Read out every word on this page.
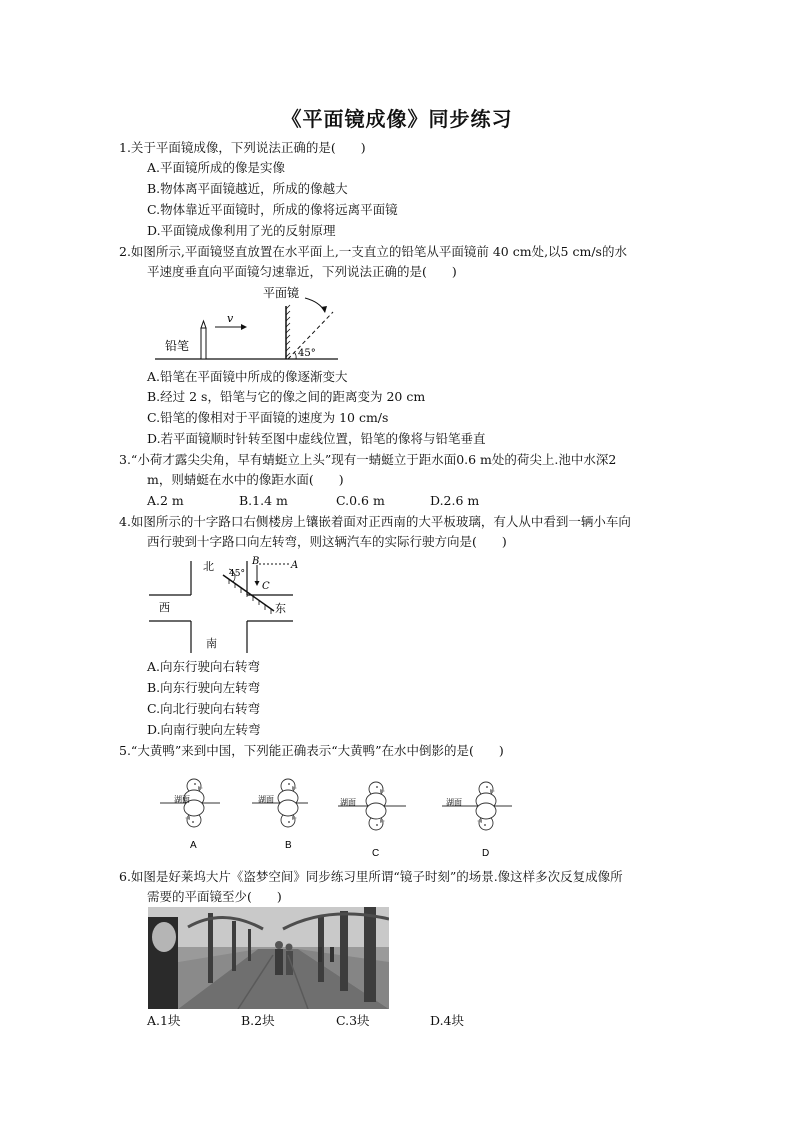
《平面镜成像》同步练习
1.关于平面镜成像，下列说法正确的是(　　)
A.平面镜所成的像是实像
B.物体离平面镜越近，所成的像越大
C.物体靠近平面镜时，所成的像将远离平面镜
D.平面镜成像利用了光的反射原理
2.如图所示,平面镜竖直放置在水平面上,一支直立的铅笔从平面镜前 40 cm处,以5 cm/s的水
平速度垂直向平面镜匀速靠近，下列说法正确的是(　　)
平面镜
45°
铅笔
v
A.铅笔在平面镜中所成的像逐渐变大
B.经过 2 s，铅笔与它的像之间的距离变为 20 cm
C.铅笔的像相对于平面镜的速度为 10 cm/s
D.若平面镜顺时针转至图中虚线位置，铅笔的像将与铅笔垂直
3.“小荷才露尖尖角，早有蜻蜓立上头”现有一蜻蜓立于距水面0.6 m处的荷尖上.池中水深2
m，则蜻蜓在水中的像距水面(　　)
A.2 m	B.1.4 m	C.0.6 m	D.2.6 m
4.如图所示的十字路口右侧楼房上镶嵌着面对正西南的大平板玻璃，有人从中看到一辆小车向
西行驶到十字路口向左转弯，则这辆汽车的实际行驶方向是(　　)
45°
B	A
C
北
西	东
南
A.向东行驶向右转弯
B.向东行驶向左转弯
C.向北行驶向右转弯
D.向南行驶向左转弯
5.“大黄鸭”来到中国，下列能正确表示“大黄鸭”在水中倒影的是(　　)
湖面
A
湖面
B
湖面
C
湖面
D
6.如图是好莱坞大片《盗梦空间》同步练习里所谓“镜子时刻”的场景.像这样多次反复成像所
需要的平面镜至少(　　)
A.1块	B.2块	C.3块	D.4块
